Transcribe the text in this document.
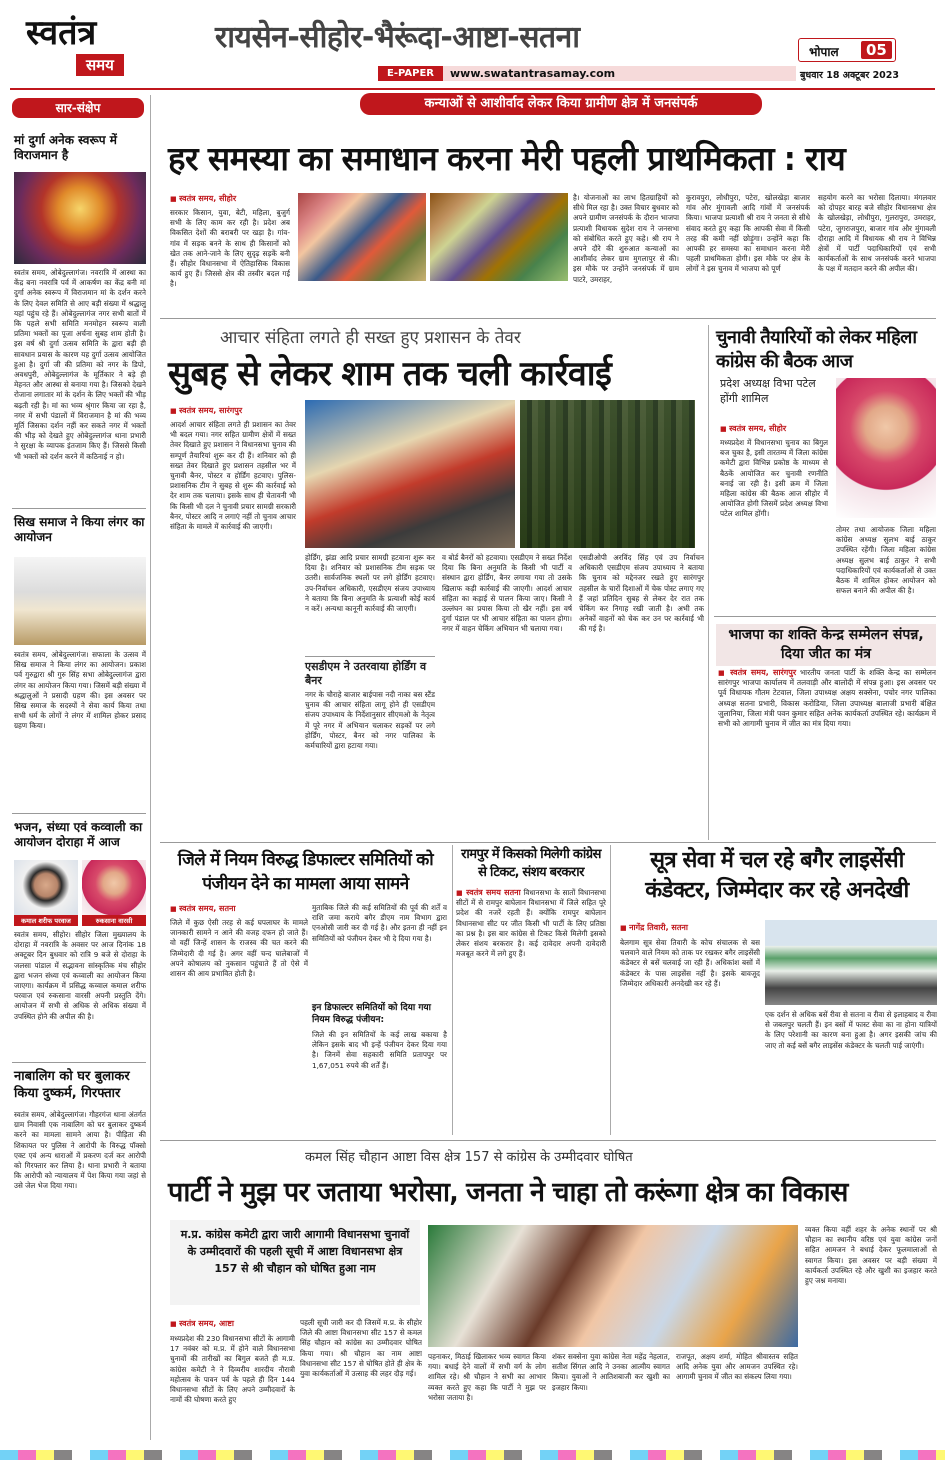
स्वतंत्र
समय
रायसेन-सीहोर-भैरूंदा-आष्टा-सतना
E-PAPER	www.swatantrasamay.com
भोपाल	05
बुधवार 18 अक्टूबर 2023
सार-संक्षेप
मां दुर्गा अनेक स्वरूप में विराजमान है
स्वतंत्र समय, ओबेदुल्लागंज। नवरात्रि में आस्था का केंद्र बना नवरात्रि पर्व में आकर्षण का केंद्र बनी मां दुर्गा अनेक स्वरूप में विराजमान मां के दर्शन करने के लिए देवल समिति से आए बड़ी संख्या में श्रद्धालु यहां पहुंच रहे हैं। ओबेदुल्लागंज नगर सभी बातों में कि पहले सभी समिति मनमोहन स्वरूप वाली प्रतिमा भक्तों का पूजा अर्चना सुबह शाम होती है। इस वर्ष श्री दुर्गा उत्सव समिति के द्वारा बड़ी ही सावधान प्रयास के कारण यह दुर्गा उत्सव आयोजित हुआ है। दुर्गा जी की प्रतिमा को नगर के डिपो, अवधपुरी, ओबेदुल्लागंज के मूर्तिकार ने बड़े ही मेहनत और आस्था से बनाया गया है। जिसको देखने रोजाना लगातार मां के दर्शन के लिए भक्तों की भीड़ बढ़ती रही है। मां का भव्य श्रृंगार किया जा रहा है, नगर में सभी पंडालों में विराजमान है मां की भव्य मूर्ति जिसका दर्शन नहीं कर सकते नगर में भक्तों की भीड़ को देखते हुए ओबेदुल्लागंज थाना प्रभारी ने सुरक्षा के व्यापक इंतजाम किए हैं। जिससे किसी भी भक्तों को दर्शन करने में कठिनाई न हो।
सिख समाज ने किया लंगर का आयोजन
स्वतंत्र समय, ओबेदुल्लागंज। सफाला के उत्सव में सिख समाज ने किया लंगर का आयोजन। प्रकाश पर्व गुरुद्वारा श्री गुरु सिंह सभा ओबेदुल्लागंज द्वारा लंगर का आयोजन किया गया। जिसमें बड़ी संख्या में श्रद्धालुओं ने प्रसादी ग्रहण की। इस अवसर पर सिख समाज के सदस्यों ने सेवा कार्य किया तथा सभी धर्म के लोगों ने लंगर में शामिल होकर प्रसाद ग्रहण किया।
भजन, संध्या एवं कव्वाली का आयोजन दोराहा में आज
कमाल शरीफ परवाज	रुकसाना वारसी
स्वतंत्र समय, सीहोर। सीहोर जिला मुख्यालय के दोराहा में नवरात्रि के अवसर पर आज दिनांक 18 अक्टूबर दिन बुधवार को रात्रि 9 बजे से दोराहा के जलसा पांडाल में सद्भावना सांस्कृतिक मंच सीहोर द्वारा भजन संध्या एवं कव्वाली का आयोजन किया जाएगा। कार्यक्रम में प्रसिद्ध कव्वाल कमाल शरीफ परवाज एवं रुकसाना वारसी अपनी प्रस्तुति देंगे। आयोजन में सभी से अधिक से अधिक संख्या में उपस्थित होने की अपील की है।
नाबालिग को घर बुलाकर किया दुष्कर्म, गिरफ्तार
स्वतंत्र समय, ओबेदुल्लागंज। गौहरगंज थाना अंतर्गत ग्राम निवासी एक नाबालिग को घर बुलाकर दुष्कर्म करने का मामला सामने आया है। पीड़िता की शिकायत पर पुलिस ने आरोपी के विरुद्ध पॉक्सो एक्ट एवं अन्य धाराओं में प्रकरण दर्ज कर आरोपी को गिरफ्तार कर लिया है। थाना प्रभारी ने बताया कि आरोपी को न्यायालय में पेश किया गया जहां से उसे जेल भेज दिया गया।
कन्याओं से आशीर्वाद लेकर किया ग्रामीण क्षेत्र में जनसंपर्क
हर समस्या का समाधान करना मेरी पहली प्राथमिकता : राय
■ स्वतंत्र समय, सीहोर
सरकार किसान, युवा, बेटी, महिला, बुजुर्ग सभी के लिए काम कर रही है। प्रदेश अब विकसित देशों की बराबरी पर खड़ा है। गांव-गांव में सड़क बनने के साथ ही किसानों को खेत तक आने-जाने के लिए सुदृढ़ सड़कें बनी हैं। सीहोर विधानसभा में ऐतिहासिक विकास कार्य हुए हैं। जिससे क्षेत्र की तस्वीर बदल गई है।
है। योजनाओं का लाभ हितग्राहियों को सीधे मिल रहा है। उक्त विचार बुधवार को अपने ग्रामीण जनसंपर्क के दौरान भाजपा प्रत्याशी विधायक सुदेश राय ने जनसभा को संबोधित करते हुए कहे। श्री राय ने अपने दौरे की शुरुआत कन्याओं का आशीर्वाद लेकर ग्राम मुगलापुर से की। इस मौके पर उन्होंने जनसंपर्क में ग्राम पाटरे, उमराहर,
कुरावपुरा, लोधीपुरा, पटेरा, खोलखेड़ा बाजार गांव और मुंगावली आदि गांवों में जनसंपर्क किया। भाजपा प्रत्याशी श्री राय ने जनता से सीधे संवाद करते हुए कहा कि आपकी सेवा में किसी तरह की कमी नहीं छोड़ूंगा। उन्होंने कहा कि आपकी हर समस्या का समाधान करना मेरी पहली प्राथमिकता होगी। इस मौके पर क्षेत्र के लोगों ने इस चुनाव में भाजपा को पूर्ण
सहयोग करने का भरोसा दिलाया। मंगलवार को दोपहर बारह बजे सीहोर विधानसभा क्षेत्र के खोलखेड़ा, लोधीपुरा, गुलरापुरा, उमराहर, पटेरा, जुगराजपुरा, बाजार गांव और मुंगावली दौराहा आदि में विधायक श्री राय ने विभिन्न क्षेत्रों में पार्टी पदाधिकारियों एवं सभी कार्यकर्ताओं के साथ जनसंपर्क करने भाजपा के पक्ष में मतदान करने की अपील की।
आचार संहिता लगते ही सख्त हुए प्रशासन के तेवर
सुबह से लेकर शाम तक चली कार्रवाई
■ स्वतंत्र समय, सारंगपुर
आदर्श आचार संहिता लगते ही प्रशासन का तेवर भी बदल गया। नगर सहित ग्रामीण क्षेत्रों में सख्त तेवर दिखाते हुए प्रशासन ने विधानसभा चुनाव की सम्पूर्ण तैयारियां शुरू कर दी हैं। शनिवार को ही सख्त तेवर दिखाते हुए प्रशासन तहसील भर में चुनावी बैनर, पोस्टर व होर्डिंग हटवाए। पुलिस-प्रशासनिक टीम ने सुबह से शुरू की कार्रवाई को देर शाम तक चलाया। इसके साथ ही चेतावनी भी कि किसी भी दल ने चुनावी प्रचार सामग्री सरकारी बैनर, पोस्टर आदि न लगाएं नहीं तो चुनाव आचार संहिता के मामले में कार्रवाई की जाएगी।
होर्डिंग, झंडा आदि प्रचार सामग्री हटवाना शुरू कर दिया है। शनिवार को प्रशासनिक टीम सड़क पर उतरी। सार्वजनिक स्थलों पर लगे होर्डिंग हटवाए। उप-निर्वाचन अधिकारी, एसडीएम संजय उपाध्याय ने बताया कि बिना अनुमति के प्रत्याशी कोई कार्य न करें। अन्यथा कानूनी कार्रवाई की जाएगी।
एसडीएम ने उतरवाया होर्डिंग व बैनर
नगर के चौराहे बाजार बाईपास नदी नाका बस स्टैंड चुनाव की आचार संहिता लागू होने ही एसडीएम संजय उपाध्याय के निर्देशानुसार सीएमओ के नेतृत्व में पूरे नगर में अभियान चलाकर सड़कों पर लगे होर्डिंग, पोस्टर, बैनर को नगर पालिका के कर्मचारियों द्वारा हटाया गया।
व बोर्ड बैनरों को हटवाया। एसडीएम ने सख्त निर्देश दिया कि बिना अनुमति के किसी भी पार्टी व संस्थान द्वारा होर्डिंग, बैनर लगाया गया तो उसके खिलाफ कड़ी कार्रवाई की जाएगी। आदर्श आचार संहिता का कड़ाई से पालन किया जाए। किसी ने उल्लंघन का प्रयास किया तो खैर नहीं। इस वर्ष दुर्गा पंडाल पर भी आचार संहिता का पालन होगा। नगर में वाहन चेकिंग अभियान भी चलाया गया।
एसडीओपी अरविंद सिंह एवं उप निर्वाचन अधिकारी एसडीएम संजय उपाध्याय ने बताया कि चुनाव को मद्देनजर रखते हुए सारंगपुर तहसील के चारों दिशाओं में चेक पोस्ट लगाए गए हैं जहां प्रतिदिन सुबह से लेकर देर रात तक चेकिंग कर निगाह रखी जाती है। अभी तक अनेकों वाहनों को चेक कर उन पर कार्रवाई भी की गई है।
चुनावी तैयारियों को लेकर महिला कांग्रेस की बैठक आज
प्रदेश अध्यक्ष विभा पटेल होंगी शामिल
■ स्वतंत्र समय, सीहोर
मध्यप्रदेश में विधानसभा चुनाव का बिगुल बज चुका है, इसी तारतम्य में जिला कांग्रेस कमेटी द्वारा विभिन्न प्रकोष्ठ के माध्यम से बैठकें आयोजित कर चुनावी रणनीति बनाई जा रही है। इसी क्रम में जिला महिला कांग्रेस की बैठक आज सीहोर में आयोजित होगी जिसमें प्रदेश अध्यक्ष विभा पटेल शामिल होंगी।
तोमर तथा आयोजक जिला महिला कांग्रेस अध्यक्ष सुलभ बाई ठाकुर उपस्थित रहेंगी। जिला महिला कांग्रेस अध्यक्ष सुलभ बाई ठाकुर ने सभी पदाधिकारियों एवं कार्यकर्ताओं से उक्त बैठक में शामिल होकर आयोजन को सफल बनाने की अपील की है।
भाजपा का शक्ति केन्द्र सम्मेलन संपन्न, दिया जीत का मंत्र
■ स्वतंत्र समय, सारंगपुर भारतीय जनता पार्टी के शक्ति केन्द्र का सम्मेलन सारंगपुर भाजपा कार्यालय में तलवाड़ी और बालोदी में संपन्न हुआ। इस अवसर पर पूर्व विधायक गौतम टेटवाल, जिला उपाध्यक्ष अक्षय सक्सेना, पचोर नगर पालिका अध्यक्ष सतना प्रभारी, विकास करोडिया, जिला उपाध्यक्ष बालाजी प्रभारी बंक्षित जुलानिया, जिला मंत्री पवन कुमार सहित अनेक कार्यकर्ता उपस्थित रहे। कार्यक्रम में सभी को आगामी चुनाव में जीत का मंत्र दिया गया।
जिले में नियम विरुद्ध डिफाल्टर समितियों को पंजीयन देने का मामला आया सामने
■ स्वतंत्र समय, सतना
जिले में कुछ ऐसी तरह से कई घपलाघर के मामले जानकारी सामने न आने की वजह दफन हो जाते हैं। वो वहीं जिन्हें शासन के राजस्व की चत करने की जिम्मेदारी दी गई है। अगर वहीं चन्द घालेबाजों में अपने कोषालय को नुकसान पहुंचाते हैं तो ऐसे में शासन की आय प्रभावित होती है।
मुताबिक जिले की कई समितियों की पूर्व की शर्तें व राशि जमा कराये बगैर डीएम नाम विभाग द्वारा एनओसी जारी कर दी गई है। और इतना ही नहीं इन समितियों को पंजीयन देकर भी दे दिया गया है।
इन डिफाल्टर समितियों को दिया गया नियम विरुद्ध पंजीयन:
जिले की इन समितियों के कई लाख बकाया है लेकिन इसके बाद भी इन्हें पंजीयन देकर दिया गया है। जिनमें सेवा सहकारी समिति प्रतापपुर पर 1,67,051 रुपये की शर्तें हैं।
रामपुर में किसको मिलेगी कांग्रेस से टिकट, संशय बरकरार
■ स्वतंत्र समय सतना विधानसभा के सातों विधानसभा सीटों में से रामपुर बाघेलान विधानसभा में जिले सहित पूरे प्रदेश की नजरें रहती हैं। क्योंकि रामपुर बाघेलान विधानसभा सीट पर जीत किसी भी पार्टी के लिए प्रतिष्ठा का प्रश्न है। इस बार कांग्रेस से टिकट किसे मिलेगी इसको लेकर संशय बरकरार है। कई दावेदार अपनी दावेदारी मजबूत करने में लगे हुए हैं।
सूत्र सेवा में चल रहे बगैर लाइसेंसी कंडेक्टर, जिम्मेदार कर रहे अनदेखी
■ नागेंद्र तिवारी, सतना
बेलगाम सूत्र सेवा तिवारी के कोच संचालक से बस चलवाने वाले नियम को ताक पर रखकर बगैर लाइसेंसी कंडेक्टर से बसें चलवाई जा रही हैं। अधिकांश बसों में कंडेक्टर के पास लाइसेंस नहीं है। इसके बावजूद जिम्मेदार अधिकारी अनदेखी कर रहे हैं।
एक दर्शन से अधिक बसें रीवा से सतना व रीवा से इलाहबाद व रीवा से जबलपुर चलती हैं। इन बसों में फास्ट सेवा का ना होना यात्रियों के लिए परेशानी का कारण बना हुआ है। अगर इसकी जांच की जाए तो कई बसें बगैर लाइसेंस कंडेक्टर के चलती पाई जाएंगी।
कमल सिंह चौहान आष्टा विस क्षेत्र 157 से कांग्रेस के उम्मीदवार घोषित
पार्टी ने मुझ पर जताया भरोसा, जनता ने चाहा तो करूंगा क्षेत्र का विकास
म.प्र. कांग्रेस कमेटी द्वारा जारी आगामी विधानसभा चुनावों के उम्मीदवारों की पहली सूची में आष्टा विधानसभा क्षेत्र 157 से श्री चौहान को घोषित हुआ नाम
■ स्वतंत्र समय, आष्टा
मध्यप्रदेश की 230 विधानसभा सीटों के आगामी 17 नवंबर को म.प्र. में होने वाले विधानसभा चुनावों की तारीखों का बिगुल बजते ही म.प्र. कांग्रेस कमेटी ने ने दिव्यरीय शारदीय नौरात्री महोत्सव के पावन पर्व के पहले ही दिन 144 विधानसभा सीटों के लिए अपने उम्मीदवारों के नामों की घोषणा करते हुए
पहली सूची जारी कर दी जिसमें म.प्र. के सीहोर जिले की आष्टा विधानसभा सीट 157 से कमल सिंह चौहान को कांग्रेस का उम्मीदवार घोषित किया गया। श्री चौहान का नाम आष्टा विधानसभा सीट 157 से घोषित होते ही क्षेत्र के युवा कार्यकर्ताओं में उत्साह की लहर दौड़ गई।
पहनाकर, मिठाई खिलाकर भव्य स्वागत किया गया। बधाई देने वालों में सभी वर्ग के लोग शामिल रहे। श्री चौहान ने सभी का आभार व्यक्त करते हुए कहा कि पार्टी ने मुझ पर भरोसा जताया है।
शंकर सक्सेना युवा कांग्रेस नेता महेंद्र नेहलात, सतीश सिंगल आदि ने उनका आत्मीय स्वागत किया। युवाओं ने आतिशबाजी कर खुशी का इजहार किया।
राजपूत, अक्षय शर्मा, मोहित श्रीवास्तव सहित आदि अनेक युवा और आमजन उपस्थित रहे। आगामी चुनाव में जीत का संकल्प लिया गया।
व्यक्त किया वहीं शहर के अनेक स्थानों पर श्री चौहान का स्थानीय वरिष्ठ एवं युवा कांग्रेस जनों सहित आमजन ने बधाई देकर फूलमालाओं से स्वागत किया। इस अवसर पर बड़ी संख्या में कार्यकर्ता उपस्थित रहे और खुशी का इजहार करते हुए जश्न मनाया।
